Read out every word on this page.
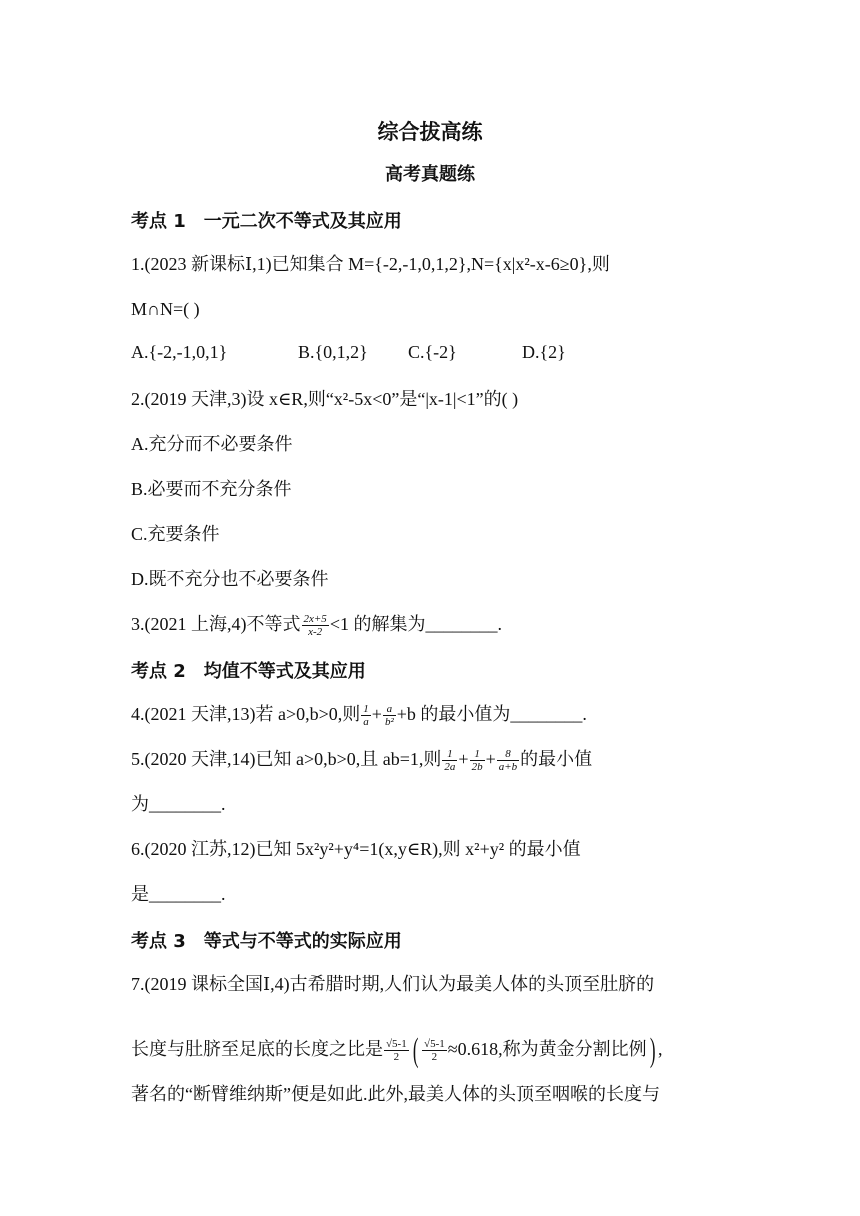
综合拔高练
高考真题练
考点 1 一元二次不等式及其应用
1.(2023 新课标Ⅰ,1)已知集合 M={-2,-1,0,1,2},N={x|x²-x-6≥0},则
M∩N=( )
A.{-2,-1,0,1}	B.{0,1,2} C.{-2}	D.{2}
2.(2019 天津,3)设 x∈R,则“x²-5x<0”是“|x-1|<1”的( )
A.充分而不必要条件
B.必要而不充分条件
C.充要条件
D.既不充分也不必要条件
3.(2021 上海,4)不等式 $\frac{2x+5}{x-2} <1$ 的解集为________.
考点 2 均值不等式及其应用
4.(2021 天津,13)若 a>0,b>0,则 $\frac{1}{a} + \frac{a}{\text{b²}} +b$ 的最小值为________.
5.(2020 天津,14)已知 a>0,b>0,且 ab=1,则 $\frac{1}{2a} + \frac{1}{2b} + \frac{8}{a+b}$ 的最小值
为________.
6.(2020 江苏,12)已知 5x²y²+y⁴=1(x,y∈R),则 x²+y² 的最小值
是________.
考点 3 等式与不等式的实际应用
7.(2019 课标全国Ⅰ,4)古希腊时期,人们认为最美人体的头顶至肚脐的
长度与肚脐至足底的长度之比是 $\frac{√5-1}{2}$ ( $\frac{√5-1}{2} \approx 0.618$,称为黄金分割比例) ,
著名的“断臂维纳斯”便是如此.此外,最美人体的头顶至咽喉的长度与
